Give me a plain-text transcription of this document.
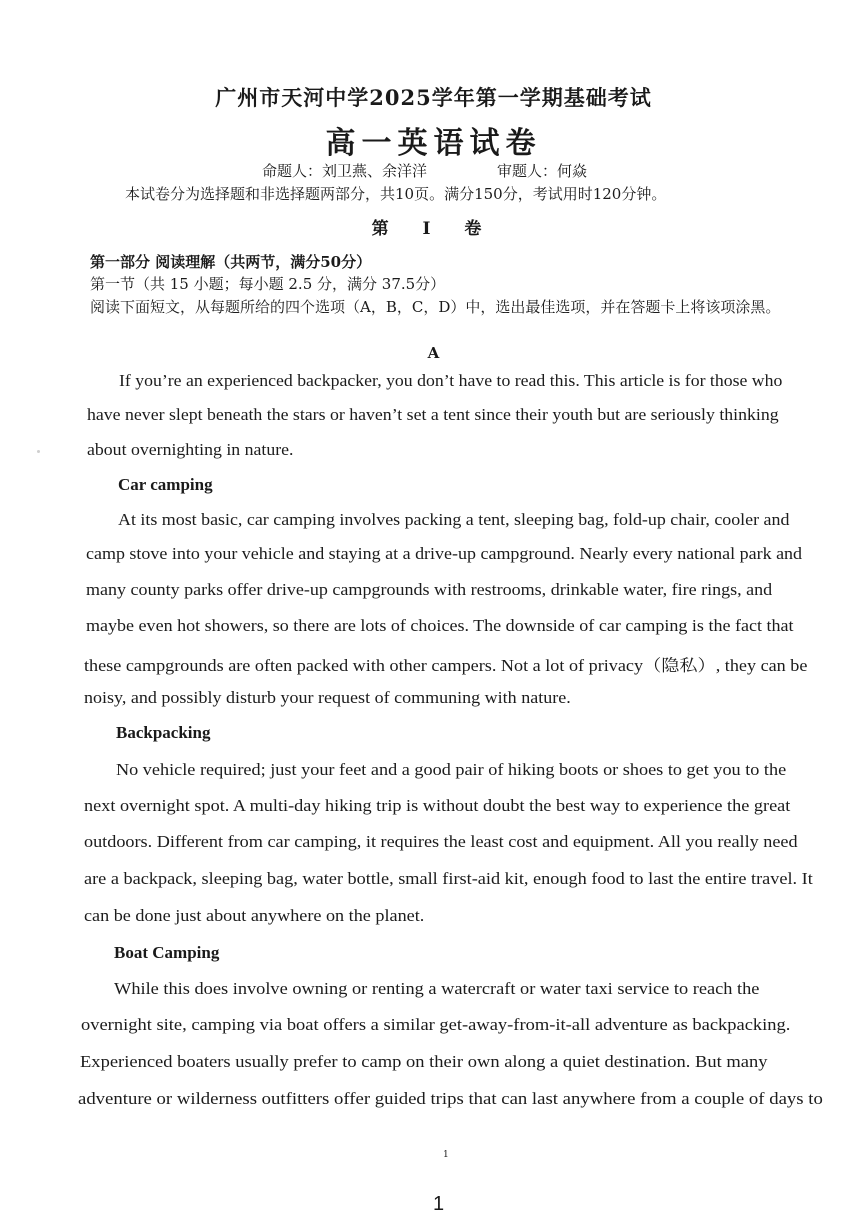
广州市天河中学2025学年第一学期基础考试
高一英语试卷
命题人：刘卫燕、余洋洋	审题人：何焱
本试卷分为选择题和非选择题两部分，共10页。满分150分，考试用时120分钟。
第 Ⅰ 卷
第一部分 阅读理解（共两节，满分50分）
第一节（共 15 小题；每小题 2.5 分，满分 37.5分）
阅读下面短文，从每题所给的四个选项（A，B，C，D）中，选出最佳选项，并在答题卡上将该项涂黑。
A
If you’re an experienced backpacker, you don’t have to read this. This article is for those who
have never slept beneath the stars or haven’t set a tent since their youth but are seriously thinking
about overnighting in nature.
Car camping
At its most basic, car camping involves packing a tent, sleeping bag, fold-up chair, cooler and
camp stove into your vehicle and staying at a drive-up campground. Nearly every national park and
many county parks offer drive-up campgrounds with restrooms, drinkable water, fire rings, and
maybe even hot showers, so there are lots of choices. The downside of car camping is the fact that
these campgrounds are often packed with other campers. Not a lot of privacy（隐私）, they can be
noisy, and possibly disturb your request of communing with nature.
Backpacking
No vehicle required; just your feet and a good pair of hiking boots or shoes to get you to the
next overnight spot. A multi-day hiking trip is without doubt the best way to experience the great
outdoors. Different from car camping, it requires the least cost and equipment. All you really need
are a backpack, sleeping bag, water bottle, small first-aid kit, enough food to last the entire travel. It
can be done just about anywhere on the planet.
Boat Camping
While this does involve owning or renting a watercraft or water taxi service to reach the
overnight site, camping via boat offers a similar get-away-from-it-all adventure as backpacking.
Experienced boaters usually prefer to camp on their own along a quiet destination. But many
adventure or wilderness outfitters offer guided trips that can last anywhere from a couple of days to
1
1
